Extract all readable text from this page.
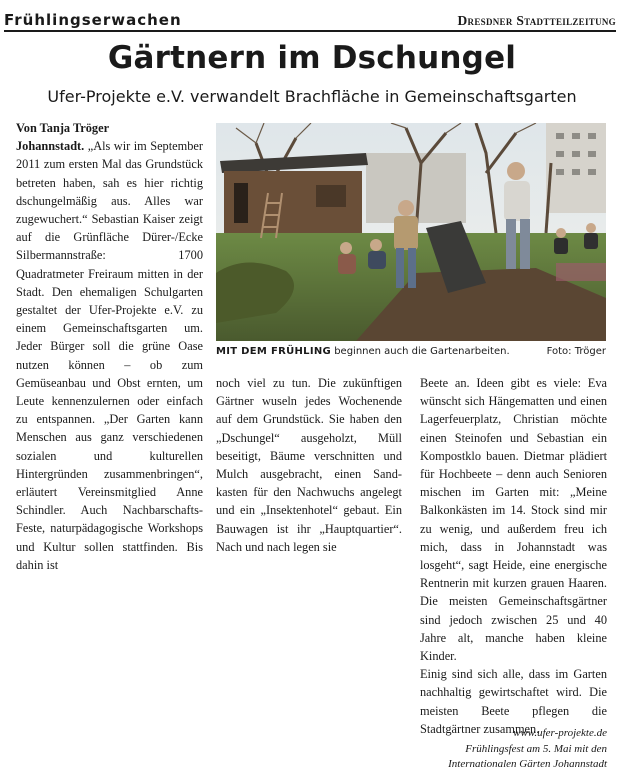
Frühlingserwachen	Dresdner Stadtteilzeitung
Gärtnern im Dschungel
Ufer-Projekte e.V. verwandelt Brachfläche in Gemeinschaftsgarten

Von Tanja Tröger

Johannstadt. „Als wir im September 2011 zum ersten Mal das Grundstück betreten haben, sah es hier richtig dschungelmäßig aus. Alles war zugewuchert.“ Sebastian Kaiser zeigt auf die Grünfläche Dürer-/Ecke Silbermannstraße: 1700 Quadratmeter Freiraum mitten in der Stadt. Den ehemaligen Schulgarten gestaltet der Ufer-Projekte e.V. zu einem Gemeinschaftsgarten um. Jeder Bürger soll die grüne Oase nutzen können – ob zum Gemüseanbau und Obst ernten, um Leute kennenzulernen oder einfach zu entspannen. „Der Garten kann Menschen aus ganz verschiedenen sozialen und kulturellen Hintergründen zusammenbringen“, erläutert Vereinsmitglied Anne Schindler. Auch Nachbarschafts-Feste, naturpädagogische Workshops und Kultur sollen stattfinden. Bis dahin ist

MIT DEM FRÜHLING beginnen auch die Gartenarbeiten.	Foto: Tröger

noch viel zu tun. Die zukünftigen Gärtner wuseln jedes Wochenende auf dem Grundstück. Sie haben den „Dschungel“ ausgeholzt, Müll beseitigt, Bäume verschnitten und Mulch ausgebracht, einen Sandkasten für den Nachwuchs angelegt und ein „Insektenhotel“ gebaut. Ein Bauwagen ist ihr „Hauptquartier“. Nach und nach legen sie

Beete an. Ideen gibt es viele: Eva wünscht sich Hängematten und einen Lagerfeuerplatz, Christian möchte einen Steinofen und Sebastian ein Kompostklo bauen. Dietmar plädiert für Hochbeete – denn auch Senioren mischen im Garten mit: „Meine Balkonkästen im 14. Stock sind mir zu wenig, und außerdem freu ich mich, dass in Johannstadt was losgeht“, sagt Heide, eine energische Rentnerin mit kurzen grauen Haaren. Die meisten Gemeinschaftsgärtner sind jedoch zwischen 25 und 40 Jahre alt, manche haben kleine Kinder.

Einig sind sich alle, dass im Garten nachhaltig gewirtschaftet wird. Die meisten Beete pflegen die Stadtgärtner zusammen.

www.ufer-projekte.de
Frühlingsfest am 5. Mai mit den
Internationalen Gärten Johannstadt
